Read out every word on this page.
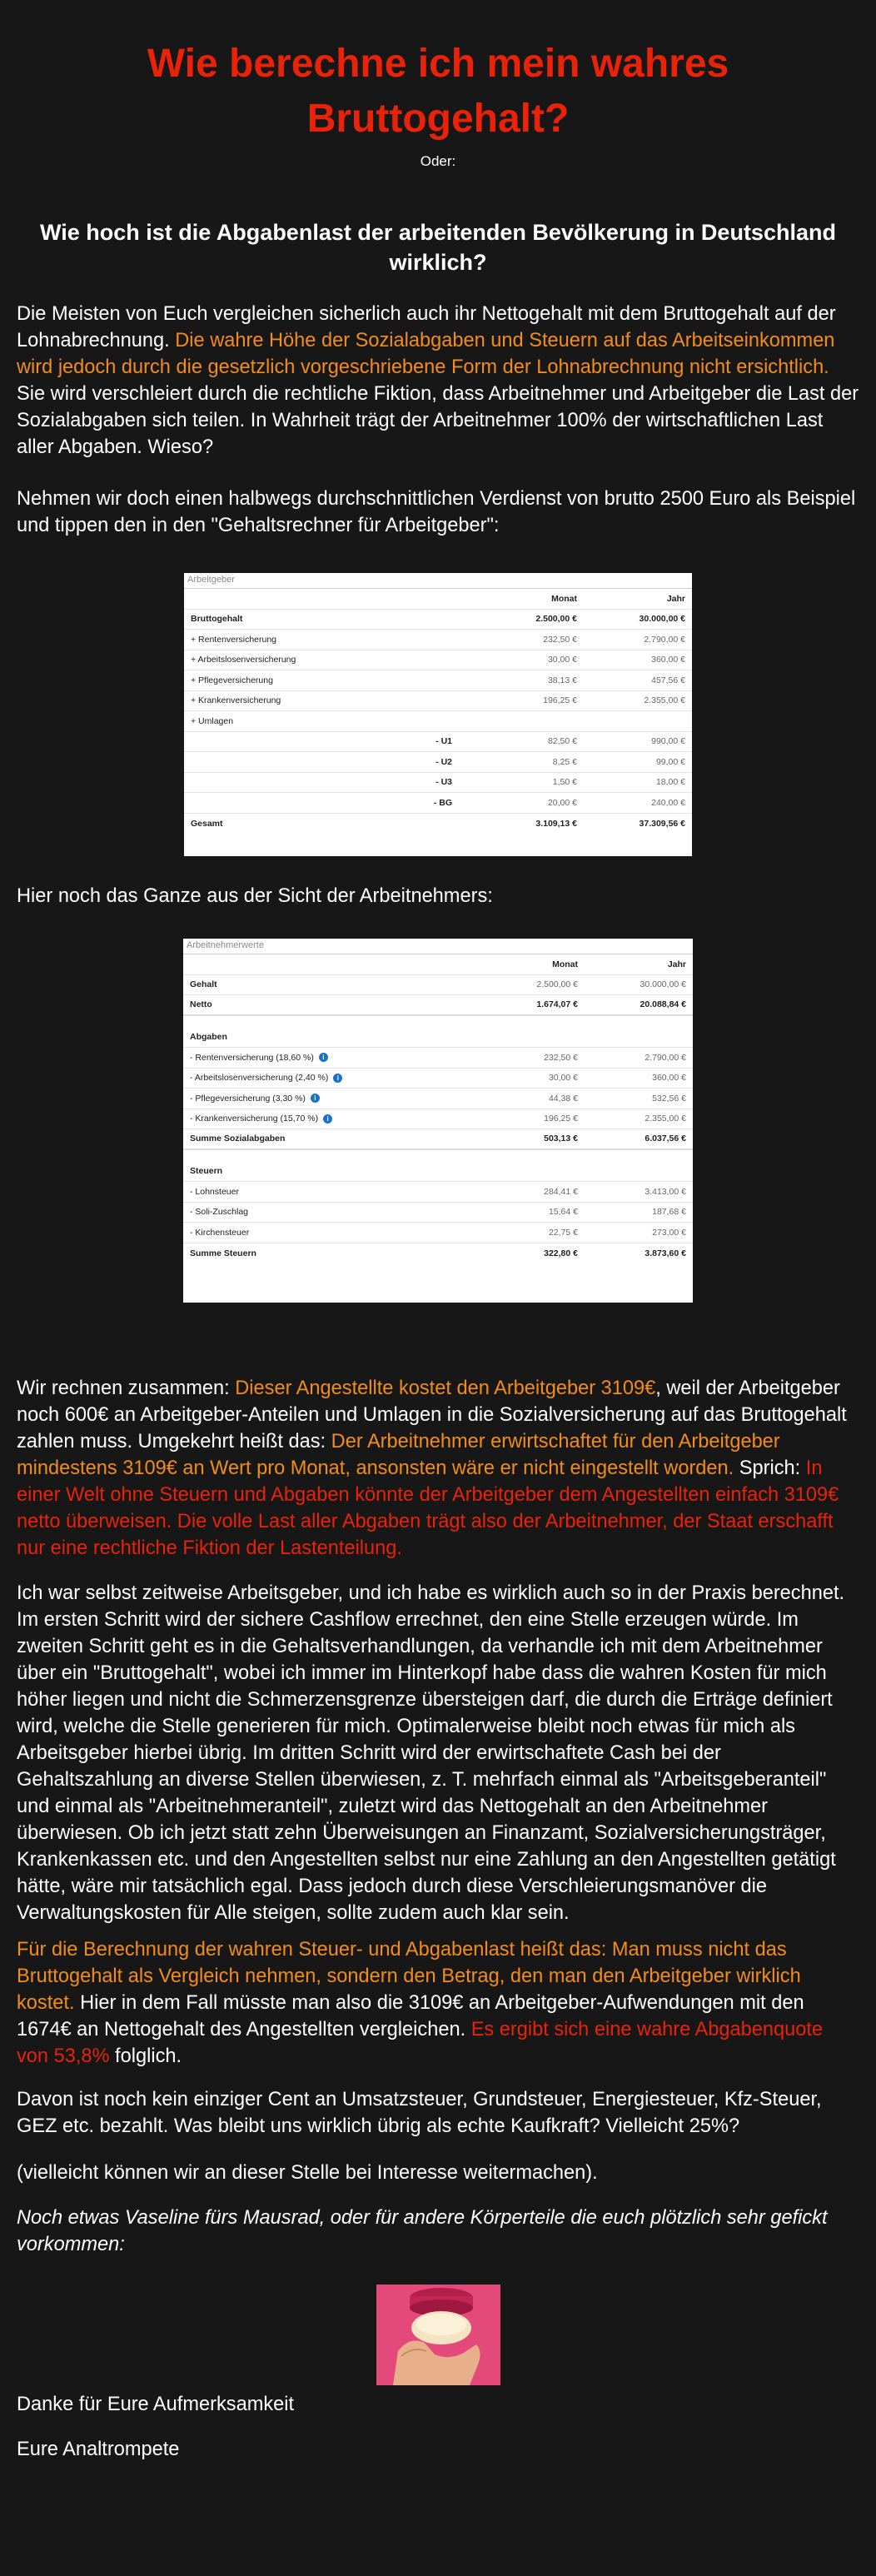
Wie berechne ich mein wahres Bruttogehalt?
Oder:
Wie hoch ist die Abgabenlast der arbeitenden Bevölkerung in Deutschland wirklich?

Die Meisten von Euch vergleichen sicherlich auch ihr Nettogehalt mit dem Bruttogehalt auf der Lohnabrechnung. Die wahre Höhe der Sozialabgaben und Steuern auf das Arbeitseinkommen wird jedoch durch die gesetzlich vorgeschriebene Form der Lohnabrechnung nicht ersichtlich. Sie wird verschleiert durch die rechtliche Fiktion, dass Arbeitnehmer und Arbeitgeber die Last der Sozialabgaben sich teilen. In Wahrheit trägt der Arbeitnehmer 100% der wirtschaftlichen Last aller Abgaben. Wieso?

Nehmen wir doch einen halbwegs durchschnittlichen Verdienst von brutto 2500 Euro als Beispiel und tippen den in den "Gehaltsrechner für Arbeitgeber":

Arbeitgeber
Monat	Jahr
Bruttogehalt	2.500,00 €	30.000,00 €
+ Rentenversicherung	232,50 €	2.790,00 €
+ Arbeitslosenversicherung	30,00 €	360,00 €
+ Pflegeversicherung	38,13 €	457,56 €
+ Krankenversicherung	196,25 €	2.355,00 €
+ Umlagen
- U1	82,50 €	990,00 €
- U2	8,25 €	99,00 €
- U3	1,50 €	18,00 €
- BG	20,00 €	240,00 €
Gesamt	3.109,13 €	37.309,56 €

Hier noch das Ganze aus der Sicht der Arbeitnehmers:

Arbeitnehmerwerte
Monat	Jahr
Gehalt	2.500,00 €	30.000,00 €
Netto	1.674,07 €	20.088,84 €
Abgaben
- Rentenversicherung (18,60 %) i	232,50 €	2.790,00 €
- Arbeitslosenversicherung (2,40 %) i	30,00 €	360,00 €
- Pflegeversicherung (3,30 %) i	44,38 €	532,56 €
- Krankenversicherung (15,70 %) i	196,25 €	2.355,00 €
Summe Sozialabgaben	503,13 €	6.037,56 €
Steuern
- Lohnsteuer	284,41 €	3.413,00 €
- Soli-Zuschlag	15,64 €	187,68 €
- Kirchensteuer	22,75 €	273,00 €
Summe Steuern	322,80 €	3.873,60 €

Wir rechnen zusammen: Dieser Angestellte kostet den Arbeitgeber 3109€, weil der Arbeitgeber noch 600€ an Arbeitgeber-Anteilen und Umlagen in die Sozialversicherung auf das Bruttogehalt zahlen muss. Umgekehrt heißt das: Der Arbeitnehmer erwirtschaftet für den Arbeitgeber mindestens 3109€ an Wert pro Monat, ansonsten wäre er nicht eingestellt worden. Sprich: In einer Welt ohne Steuern und Abgaben könnte der Arbeitgeber dem Angestellten einfach 3109€ netto überweisen. Die volle Last aller Abgaben trägt also der Arbeitnehmer, der Staat erschafft nur eine rechtliche Fiktion der Lastenteilung.

Ich war selbst zeitweise Arbeitsgeber, und ich habe es wirklich auch so in der Praxis berechnet. Im ersten Schritt wird der sichere Cashflow errechnet, den eine Stelle erzeugen würde. Im zweiten Schritt geht es in die Gehaltsverhandlungen, da verhandle ich mit dem Arbeitnehmer über ein "Bruttogehalt", wobei ich immer im Hinterkopf habe dass die wahren Kosten für mich höher liegen und nicht die Schmerzensgrenze übersteigen darf, die durch die Erträge definiert wird, welche die Stelle generieren für mich. Optimalerweise bleibt noch etwas für mich als Arbeitsgeber hierbei übrig. Im dritten Schritt wird der erwirtschaftete Cash bei der Gehaltszahlung an diverse Stellen überwiesen, z. T. mehrfach einmal als "Arbeitsgeberanteil" und einmal als "Arbeitnehmeranteil", zuletzt wird das Nettogehalt an den Arbeitnehmer überwiesen. Ob ich jetzt statt zehn Überweisungen an Finanzamt, Sozialversicherungsträger, Krankenkassen etc. und den Angestellten selbst nur eine Zahlung an den Angestellten getätigt hätte, wäre mir tatsächlich egal. Dass jedoch durch diese Verschleierungsmanöver die Verwaltungskosten für Alle steigen, sollte zudem auch klar sein.

Für die Berechnung der wahren Steuer- und Abgabenlast heißt das: Man muss nicht das Bruttogehalt als Vergleich nehmen, sondern den Betrag, den man den Arbeitgeber wirklich kostet. Hier in dem Fall müsste man also die 3109€ an Arbeitgeber-Aufwendungen mit den 1674€ an Nettogehalt des Angestellten vergleichen. Es ergibt sich eine wahre Abgabenquote von 53,8% folglich.

Davon ist noch kein einziger Cent an Umsatzsteuer, Grundsteuer, Energiesteuer, Kfz-Steuer, GEZ etc. bezahlt. Was bleibt uns wirklich übrig als echte Kaufkraft? Vielleicht 25%?

(vielleicht können wir an dieser Stelle bei Interesse weitermachen).

Noch etwas Vaseline fürs Mausrad, oder für andere Körperteile die euch plötzlich sehr gefickt vorkommen:

Danke für Eure Aufmerksamkeit

Eure Analtrompete
